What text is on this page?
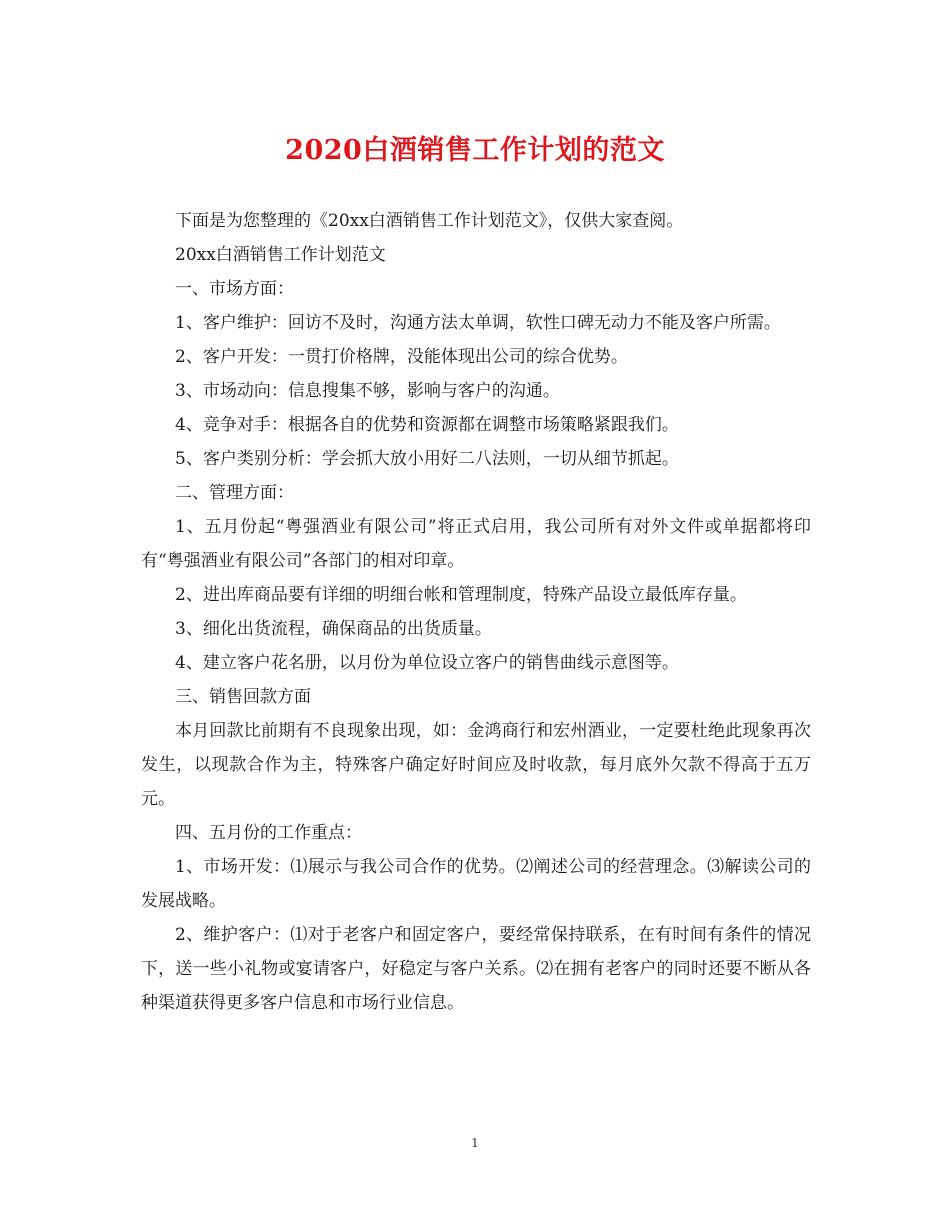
2020白酒销售工作计划的范文

下面是为您整理的《20xx白酒销售工作计划范文》，仅供大家查阅。

20xx白酒销售工作计划范文

一、市场方面：

1、客户维护：回访不及时，沟通方法太单调，软性口碑无动力不能及客户所需。

2、客户开发：一贯打价格牌，没能体现出公司的综合优势。

3、市场动向：信息搜集不够，影响与客户的沟通。

4、竞争对手：根据各自的优势和资源都在调整市场策略紧跟我们。

5、客户类别分析：学会抓大放小用好二八法则，一切从细节抓起。

二、管理方面：

1、五月份起“粤强酒业有限公司”将正式启用，我公司所有对外文件或单据都将印有“粤强酒业有限公司”各部门的相对印章。

2、进出库商品要有详细的明细台帐和管理制度，特殊产品设立最低库存量。

3、细化出货流程，确保商品的出货质量。

4、建立客户花名册，以月份为单位设立客户的销售曲线示意图等。

三、销售回款方面

本月回款比前期有不良现象出现，如：金鸿商行和宏州酒业，一定要杜绝此现象再次发生，以现款合作为主，特殊客户确定好时间应及时收款，每月底外欠款不得高于五万元。

四、五月份的工作重点：

1、市场开发：⑴展示与我公司合作的优势。⑵阐述公司的经营理念。⑶解读公司的发展战略。

2、维护客户：⑴对于老客户和固定客户，要经常保持联系，在有时间有条件的情况下，送一些小礼物或宴请客户，好稳定与客户关系。⑵在拥有老客户的同时还要不断从各种渠道获得更多客户信息和市场行业信息。

1
